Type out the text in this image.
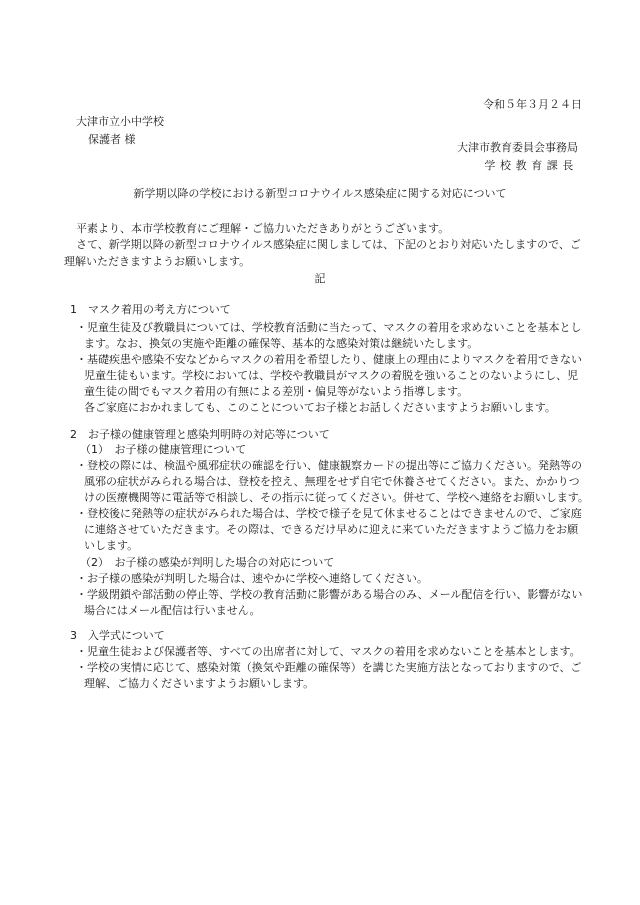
令和５年３月２４日
大津市立小中学校
保護者 様
大津市教育委員会事務局
学校教育課長
新学期以降の学校における新型コロナウイルス感染症に関する対応について
平素より、本市学校教育にご理解・ご協力いただきありがとうございます。
さて、新学期以降の新型コロナウイルス感染症に関しましては、下記のとおり対応いたしますので、ご
理解いただきますようお願いします。
記
1　マスク着用の考え方について
・児童生徒及び教職員については、学校教育活動に当たって、マスクの着用を求めないことを基本とし
ます。なお、換気の実施や距離の確保等、基本的な感染対策は継続いたします。
・基礎疾患や感染不安などからマスクの着用を希望したり、健康上の理由によりマスクを着用できない
児童生徒もいます。学校においては、学校や教職員がマスクの着脱を強いることのないようにし、児
童生徒の間でもマスク着用の有無による差別・偏見等がないよう指導します。
各ご家庭におかれましても、このことについてお子様とお話しくださいますようお願いします。
2　お子様の健康管理と感染判明時の対応等について
（1）　お子様の健康管理について
・登校の際には、検温や風邪症状の確認を行い、健康観察カードの提出等にご協力ください。発熱等の
風邪の症状がみられる場合は、登校を控え、無理をせず自宅で休養させてください。また、かかりつ
けの医療機関等に電話等で相談し、その指示に従ってください。併せて、学校へ連絡をお願いします。
・登校後に発熱等の症状がみられた場合は、学校で様子を見て休ませることはできませんので、ご家庭
に連絡させていただきます。その際は、できるだけ早めに迎えに来ていただきますようご協力をお願
いします。
（2）　お子様の感染が判明した場合の対応について
・お子様の感染が判明した場合は、速やかに学校へ連絡してください。
・学級閉鎖や部活動の停止等、学校の教育活動に影響がある場合のみ、メール配信を行い、影響がない
場合にはメール配信は行いません。
3　入学式について
・児童生徒および保護者等、すべての出席者に対して、マスクの着用を求めないことを基本とします。
・学校の実情に応じて、感染対策（換気や距離の確保等）を講じた実施方法となっておりますので、ご
理解、ご協力くださいますようお願いします。
